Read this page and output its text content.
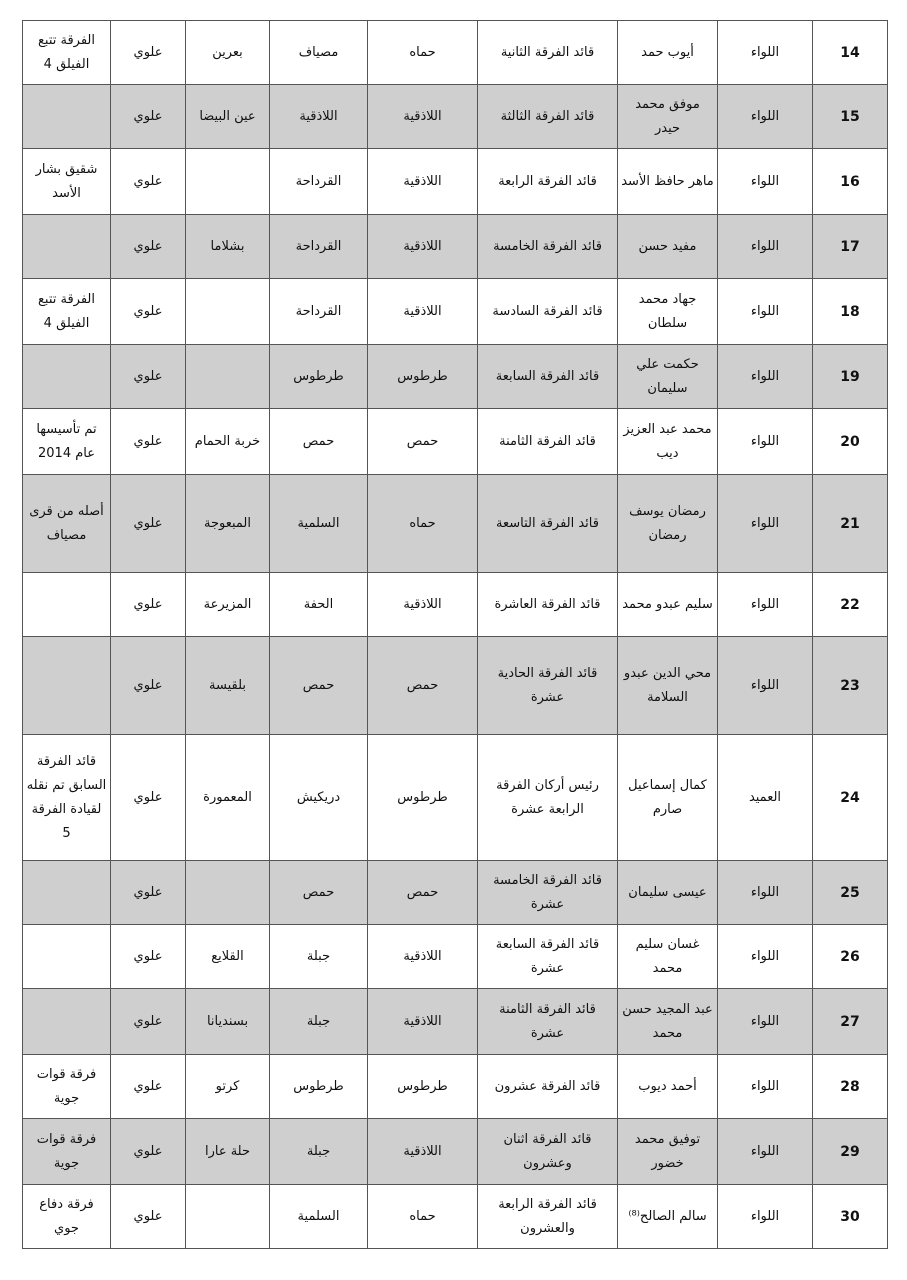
14	اللواء	أيوب حمد	قائد الفرقة الثانية	حماه	مصياف	بعرين	علوي	الفرقة تتبع الفيلق 4
15	اللواء	موفق محمد حيدر	قائد الفرقة الثالثة	اللاذقية	اللاذقية	عين البيضا	علوي	
16	اللواء	ماهر حافظ الأسد	قائد الفرقة الرابعة	اللاذقية	القرداحة		علوي	شقيق بشار الأسد
17	اللواء	مفيد حسن	قائد الفرقة الخامسة	اللاذقية	القرداحة	بشلاما	علوي	
18	اللواء	جهاد محمد سلطان	قائد الفرقة السادسة	اللاذقية	القرداحة		علوي	الفرقة تتبع الفيلق 4
19	اللواء	حكمت علي سليمان	قائد الفرقة السابعة	طرطوس	طرطوس		علوي	
20	اللواء	محمد عبد العزيز ديب	قائد الفرقة الثامنة	حمص	حمص	خربة الحمام	علوي	تم تأسيسها عام 2014
21	اللواء	رمضان يوسف رمضان	قائد الفرقة التاسعة	حماه	السلمية	المبعوجة	علوي	أصله من قرى مصياف
22	اللواء	سليم عبدو محمد	قائد الفرقة العاشرة	اللاذقية	الحفة	المزيرعة	علوي	
23	اللواء	محي الدين عبدو السلامة	قائد الفرقة الحادية عشرة	حمص	حمص	بلقيسة	علوي	
24	العميد	كمال إسماعيل صارم	رئيس أركان الفرقة الرابعة عشرة	طرطوس	دريكيش	المعمورة	علوي	قائد الفرقة السابق تم نقله لقيادة الفرقة 5
25	اللواء	عيسى سليمان	قائد الفرقة الخامسة عشرة	حمص	حمص		علوي	
26	اللواء	غسان سليم محمد	قائد الفرقة السابعة عشرة	اللاذقية	جبلة	القلايع	علوي	
27	اللواء	عبد المجيد حسن محمد	قائد الفرقة الثامنة عشرة	اللاذقية	جبلة	بسنديانا	علوي	
28	اللواء	أحمد ديوب	قائد الفرقة عشرون	طرطوس	طرطوس	كرتو	علوي	فرقة قوات جوية
29	اللواء	توفيق محمد خضور	قائد الفرقة اثنان وعشرون	اللاذقية	جبلة	حلة عارا	علوي	فرقة قوات جوية
30	اللواء	سالم الصالح⁽⁸⁾	قائد الفرقة الرابعة والعشرون	حماه	السلمية		علوي	فرقة دفاع جوي
